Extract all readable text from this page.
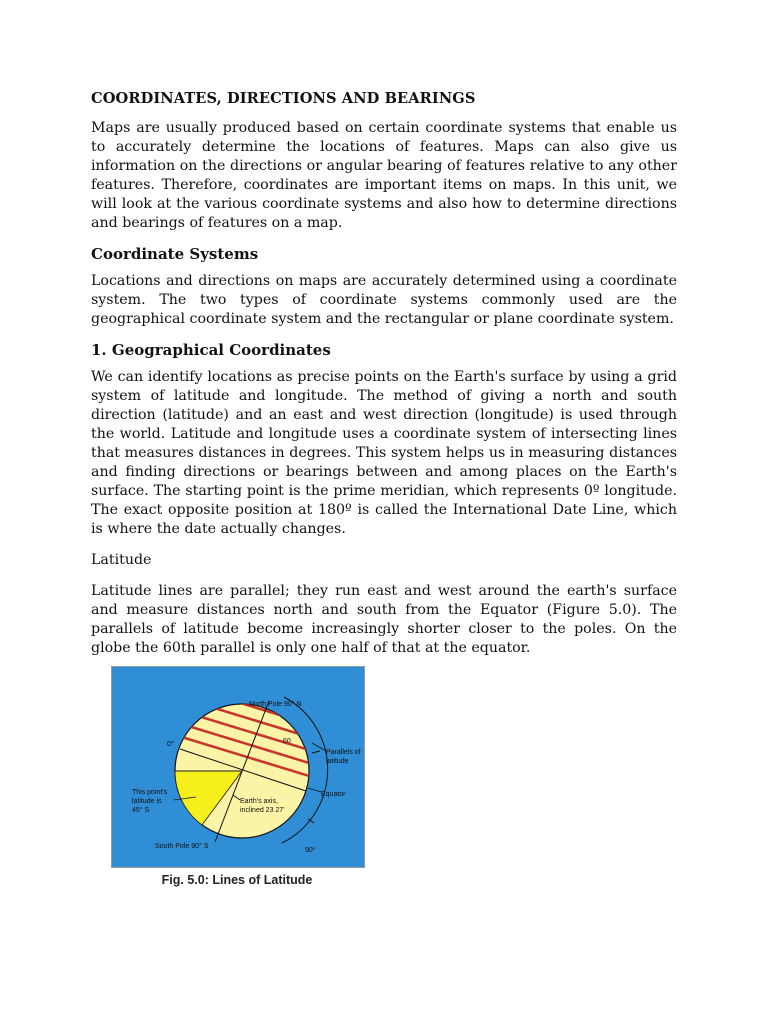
COORDINATES, DIRECTIONS AND BEARINGS

Maps are usually produced based on certain coordinate systems that enable us to accurately determine the locations of features. Maps can also give us information on the directions or angular bearing of features relative to any other features. Therefore, coordinates are important items on maps. In this unit, we will look at the various coordinate systems and also how to determine directions and bearings of features on a map.

Coordinate Systems

Locations and directions on maps are accurately determined using a coordinate system. The two types of coordinate systems commonly used are the geographical coordinate system and the rectangular or plane coordinate system.

1. Geographical Coordinates

We can identify locations as precise points on the Earth's surface by using a grid system of latitude and longitude. The method of giving a north and south direction (latitude) and an east and west direction (longitude) is used through the world. Latitude and longitude uses a coordinate system of intersecting lines that measures distances in degrees. This system helps us in measuring distances and finding directions or bearings between and among places on the Earth's surface. The starting point is the prime meridian, which represents 0º longitude. The exact opposite position at 180º is called the International Date Line, which is where the date actually changes.

Latitude

Latitude lines are parallel; they run east and west around the earth's surface and measure distances north and south from the Equator (Figure 5.0). The parallels of latitude become increasingly shorter closer to the poles. On the globe the 60th parallel is only one half of that at the equator.

North Pole 90° N
0°	60
Parallels of
latitude
Equator
This point's
latitude is
45° S
Earth's axis,
inclined 23 27'
South Pole 90° S
90°
Fig. 5.0: Lines of Latitude
